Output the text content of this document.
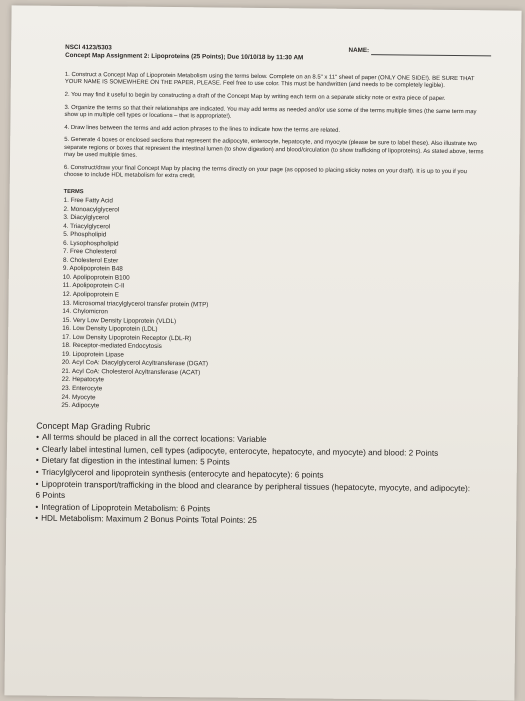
NSCI 4123/5303	NAME:
Concept Map Assignment 2: Lipoproteins (25 Points); Due 10/10/18 by 11:30 AM

1. Construct a Concept Map of Lipoprotein Metabolism using the terms below. Complete on an 8.5" x 11" sheet of paper (ONLY ONE SIDE!). BE SURE THAT YOUR NAME IS SOMEWHERE ON THE PAPER, PLEASE. Feel free to use color. This must be handwritten (and needs to be completely legible).

2. You may find it useful to begin by constructing a draft of the Concept Map by writing each term on a separate sticky note or extra piece of paper.

3. Organize the terms so that their relationships are indicated. You may add terms as needed and/or use some of the terms multiple times (the same term may show up in multiple cell types or locations – that is appropriate!).

4. Draw lines between the terms and add action phrases to the lines to indicate how the terms are related.

5. Generate 4 boxes or enclosed sections that represent the adipocyte, enterocyte, hepatocyte, and myocyte (please be sure to label these). Also illustrate two separate regions or boxes that represent the intestinal lumen (to show digestion) and blood/circulation (to show trafficking of lipoproteins). As stated above, terms may be used multiple times.

6. Construct/draw your final Concept Map by placing the terms directly on your page (as opposed to placing sticky notes on your draft). It is up to you if you choose to include HDL metabolism for extra credit.

TERMS
1. Free Fatty Acid
2. Monoacylglycerol
3. Diacylglycerol
4. Triacylglycerol
5. Phospholipid
6. Lysophospholipid
7. Free Cholesterol
8. Cholesterol Ester
9. Apolipoprotein B48
10. Apolipoprotein B100
11. Apolipoprotein C-II
12. Apolipoprotein E
13. Microsomal triacylglycerol transfer protein (MTP)
14. Chylomicron
15. Very Low Density Lipoprotein (VLDL)
16. Low Density Lipoprotein (LDL)
17. Low Density Lipoprotein Receptor (LDL-R)
18. Receptor-mediated Endocytosis
19. Lipoprotein Lipase
20. Acyl CoA: Diacylglycerol Acyltransferase (DGAT)
21. Acyl CoA: Cholesterol Acyltransferase (ACAT)
22. Hepatocyte
23. Enterocyte
24. Myocyte
25. Adipocyte
Concept Map Grading Rubric
• All terms should be placed in all the correct locations: Variable
• Clearly label intestinal lumen, cell types (adipocyte, enterocyte, hepatocyte, and myocyte) and blood: 2 Points
• Dietary fat digestion in the intestinal lumen: 5 Points
• Triacylglycerol and lipoprotein synthesis (enterocyte and hepatocyte): 6 points
• Lipoprotein transport/trafficking in the blood and clearance by peripheral tissues (hepatocyte, myocyte, and adipocyte): 6 Points
• Integration of Lipoprotein Metabolism: 6 Points
• HDL Metabolism: Maximum 2 Bonus Points Total Points: 25
